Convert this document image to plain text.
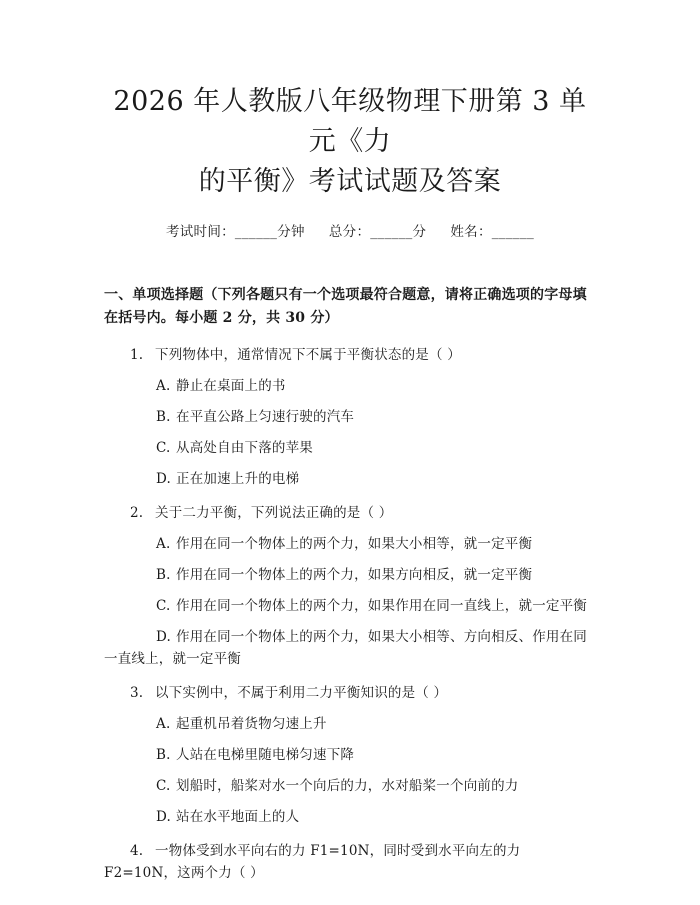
2026 年人教版八年级物理下册第 3 单元《力
的平衡》考试试题及答案
考试时间：______分钟 总分：______分 姓名：______
一、单项选择题（下列各题只有一个选项最符合题意，请将正确选项的字母填在括号内。每小题 2 分，共 30 分）
1. 下列物体中，通常情况下不属于平衡状态的是（ ）
A. 静止在桌面上的书
B. 在平直公路上匀速行驶的汽车
C. 从高处自由下落的苹果
D. 正在加速上升的电梯
2. 关于二力平衡，下列说法正确的是（ ）
A. 作用在同一个物体上的两个力，如果大小相等，就一定平衡
B. 作用在同一个物体上的两个力，如果方向相反，就一定平衡
C. 作用在同一个物体上的两个力，如果作用在同一直线上，就一定平衡
D. 作用在同一个物体上的两个力，如果大小相等、方向相反、作用在同一直线上，就一定平衡
3. 以下实例中，不属于利用二力平衡知识的是（ ）
A. 起重机吊着货物匀速上升
B. 人站在电梯里随电梯匀速下降
C. 划船时，船桨对水一个向后的力，水对船桨一个向前的力
D. 站在水平地面上的人
4. 一物体受到水平向右的力 F1=10N，同时受到水平向左的力 F2=10N，这两个力（ ）
